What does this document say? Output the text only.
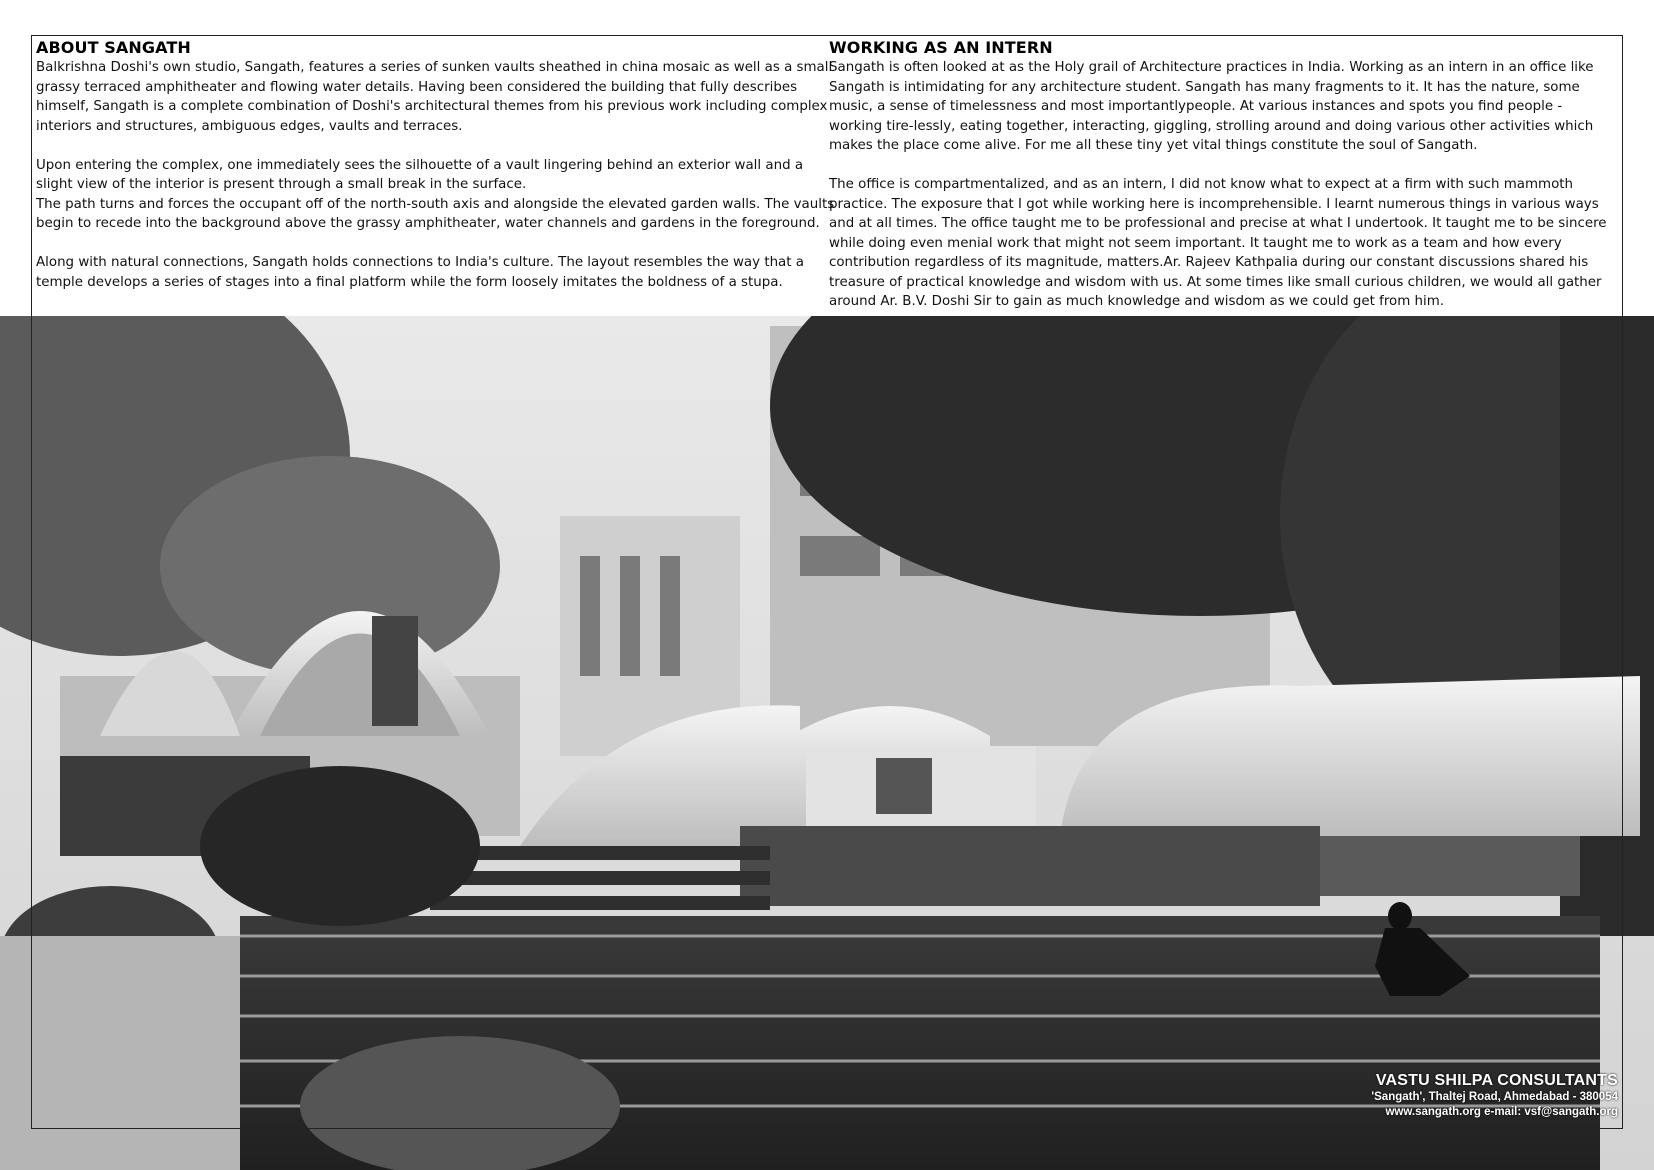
ABOUT SANGATH

Balkrishna Doshi's own studio, Sangath, features a series of sunken vaults sheathed in china mosaic as well as a small grassy terraced amphitheater and flowing water details. Having been considered the building that fully describes himself, Sangath is a complete combination of Doshi's architectural themes from his previous work including complex interiors and structures, ambiguous edges, vaults and terraces.

Upon entering the complex, one immediately sees the silhouette of a vault lingering behind an exterior wall and a slight view of the interior is present through a small break in the surface.

The path turns and forces the occupant off of the north-south axis and alongside the elevated garden walls. The vaults begin to recede into the background above the grassy amphitheater, water channels and gardens in the foreground.

Along with natural connections, Sangath holds connections to India's culture. The layout resembles the way that a temple develops a series of stages into a final platform while the form loosely imitates the boldness of a stupa.

WORKING AS AN INTERN

Sangath is often looked at as the Holy grail of Architecture practices in India. Working as an intern in an office like Sangath is intimidating for any architecture student. Sangath has many fragments to it. It has the nature, some music, a sense of timelessness and most importantlypeople. At various instances and spots you find people - working tire-lessly, eating together, interacting, giggling, strolling around and doing various other activities which makes the place come alive. For me all these tiny yet vital things constitute the soul of Sangath.

The office is compartmentalized, and as an intern, I did not know what to expect at a firm with such mammoth practice. The exposure that I got while working here is incomprehensible. I learnt numerous things in various ways and at all times. The office taught me to be professional and precise at what I undertook. It taught me to be sincere while doing even menial work that might not seem important. It taught me to work as a team and how every contribution regardless of its magnitude, matters.Ar. Rajeev Kathpalia during our constant discussions shared his treasure of practical knowledge and wisdom with us. At some times like small curious children, we would all gather around Ar. B.V. Doshi Sir to gain as much knowledge and wisdom as we could get from him.

VASTU SHILPA CONSULTANTS
'Sangath', Thaltej Road, Ahmedabad - 380054
www.sangath.org e-mail: vsf@sangath.org
